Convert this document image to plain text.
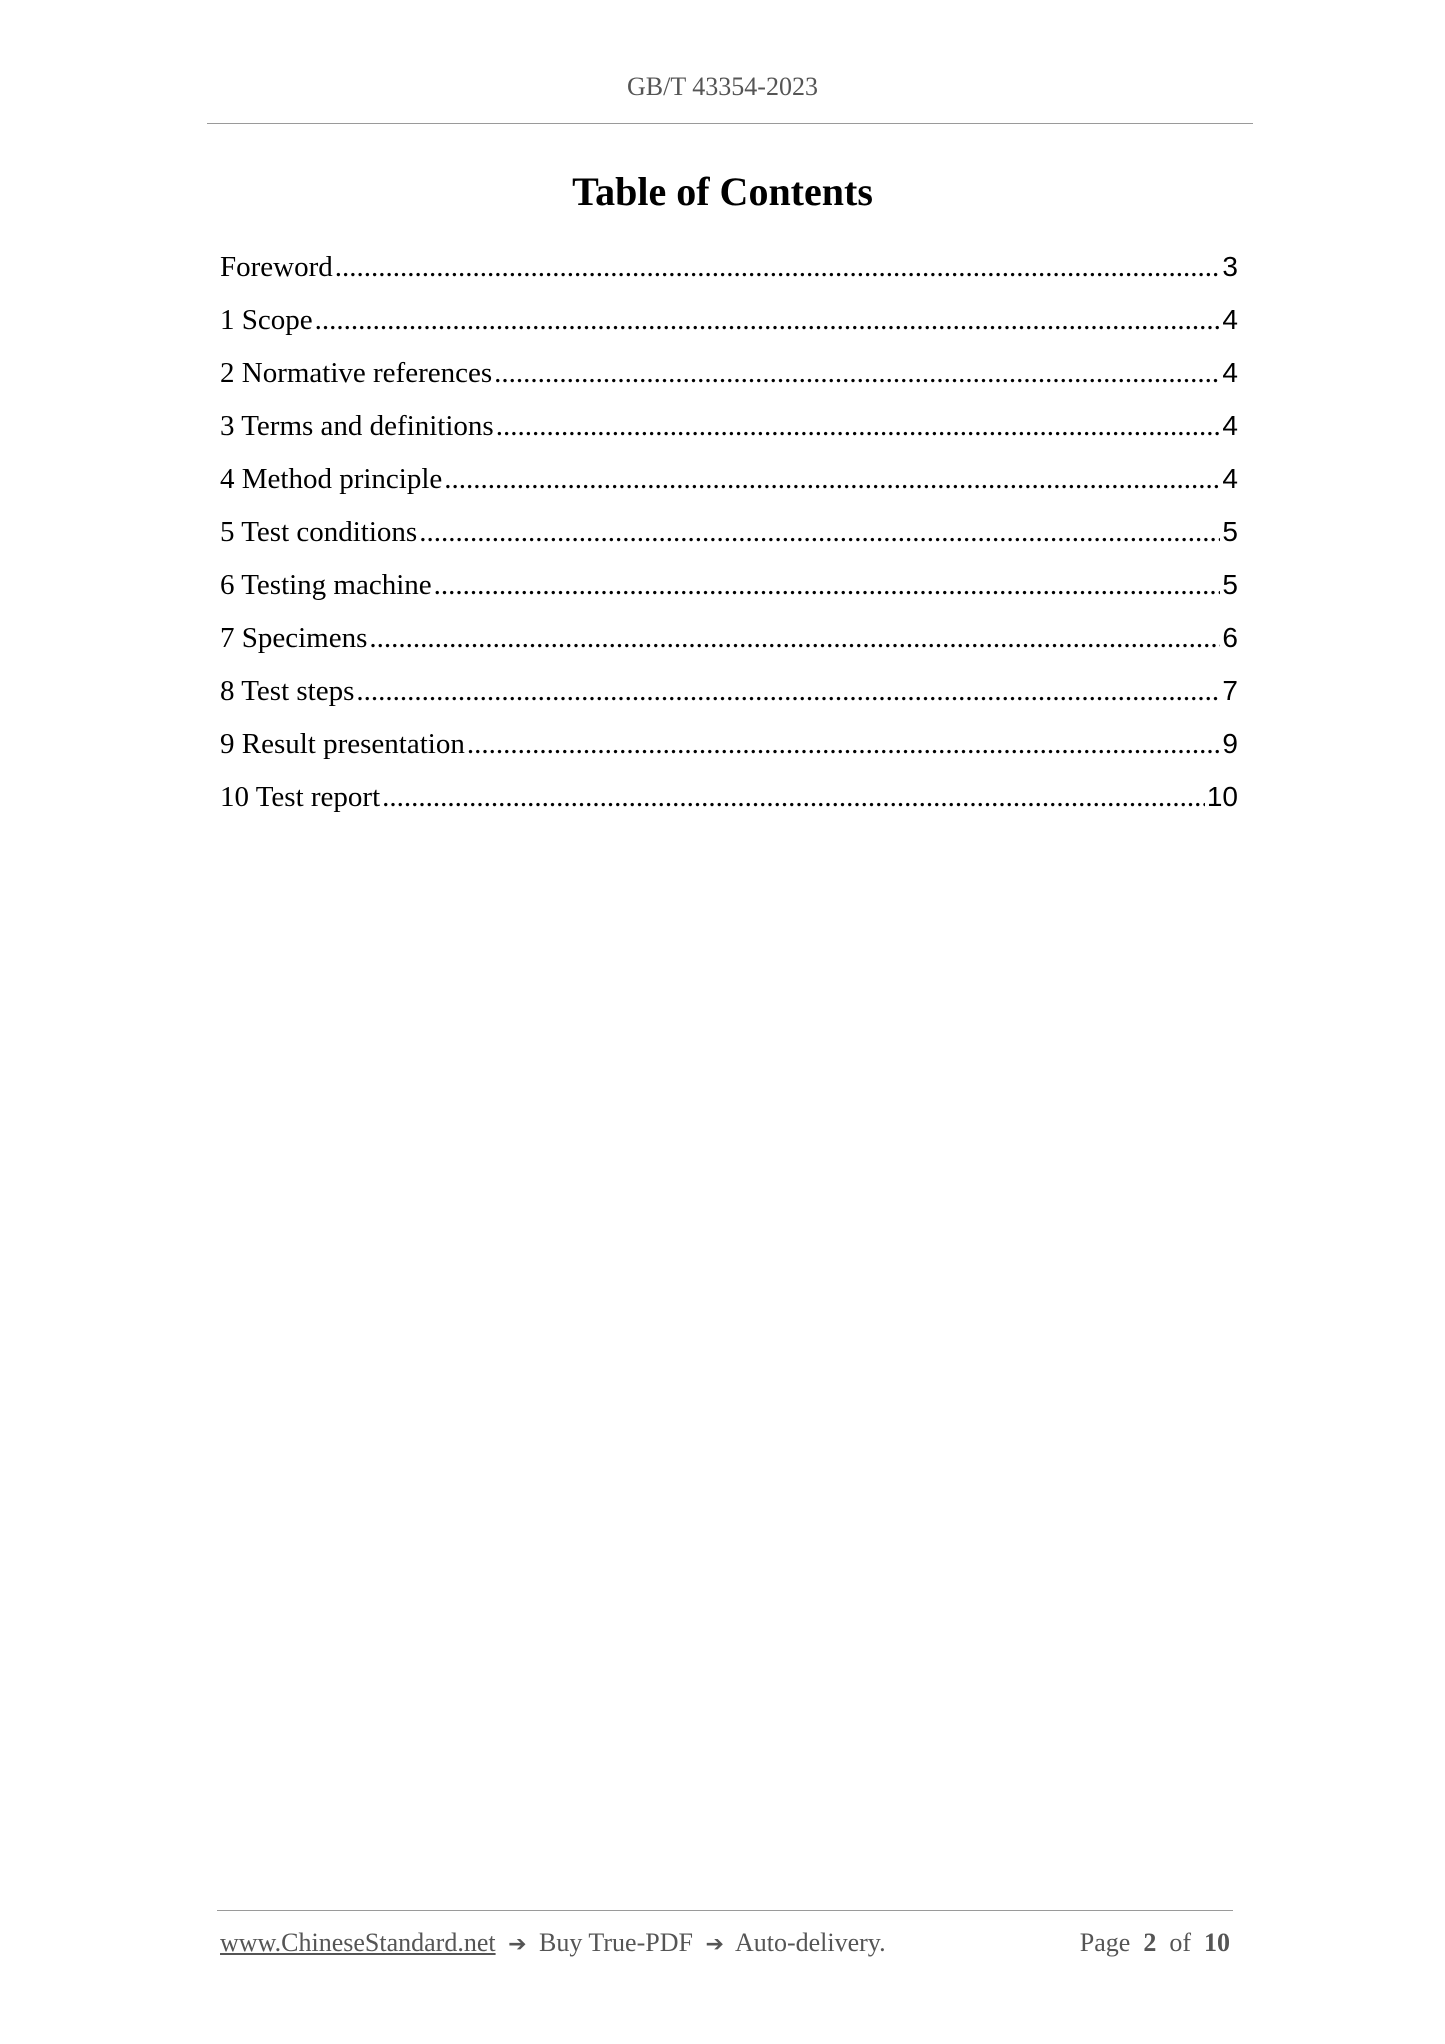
GB/T 43354-2023
Table of Contents
Foreword .....	3
1 Scope .....	4
2 Normative references .....	4
3 Terms and definitions .....	4
4 Method principle .....	4
5 Test conditions .....	5
6 Testing machine .....	5
7 Specimens .....	6
8 Test steps .....	7
9 Result presentation .....	9
10 Test report .....	10
www.ChineseStandard.net ➔ Buy True-PDF ➔ Auto-delivery.	Page 2 of 10
